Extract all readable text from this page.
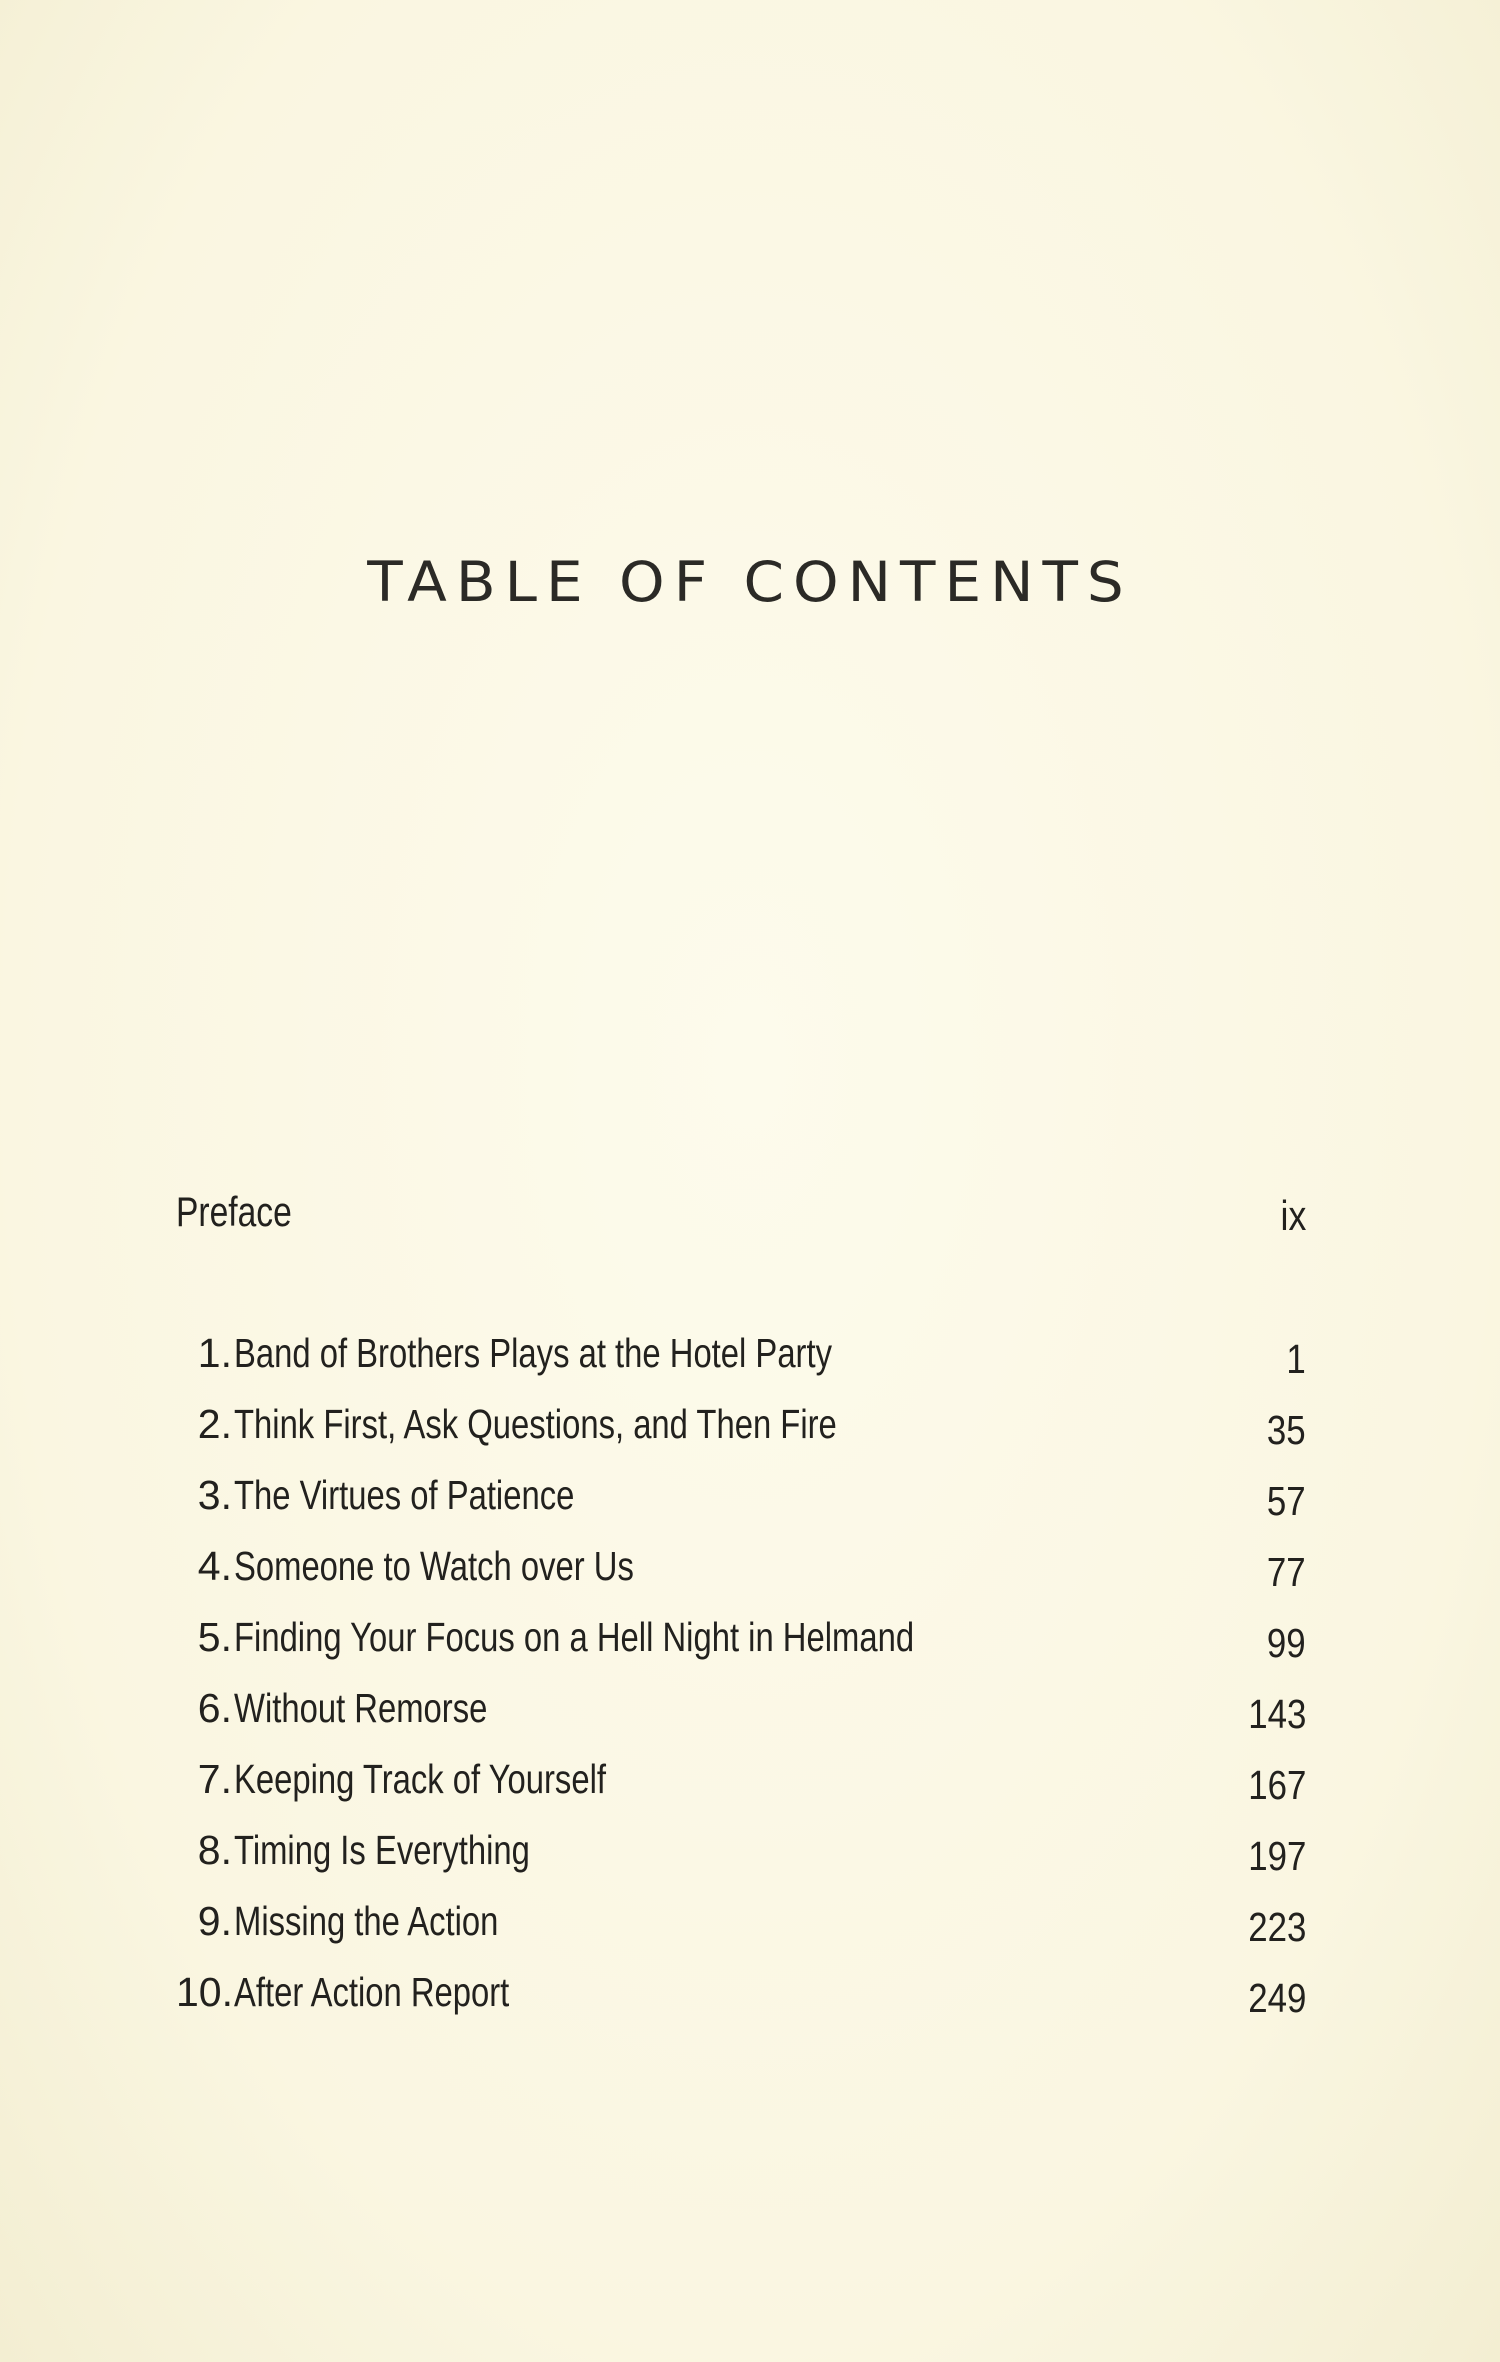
TABLE OF CONTENTS
Preface	ix
1. Band of Brothers Plays at the Hotel Party	1
2. Think First, Ask Questions, and Then Fire	35
3. The Virtues of Patience	57
4. Someone to Watch over Us	77
5. Finding Your Focus on a Hell Night in Helmand	99
6. Without Remorse	143
7. Keeping Track of Yourself	167
8. Timing Is Everything	197
9. Missing the Action	223
10. After Action Report	249
